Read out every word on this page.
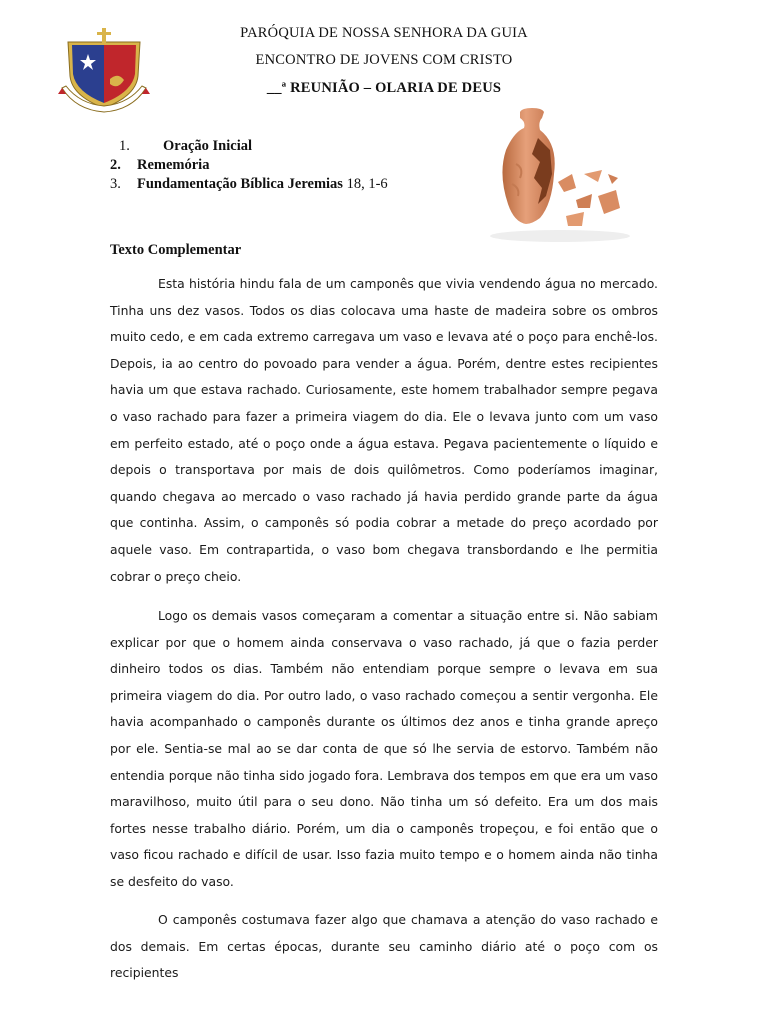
PARÓQUIA DE NOSSA SENHORA DA GUIA
ENCONTRO DE JOVENS COM CRISTO
__ª REUNIÃO – OLARIA DE DEUS
1.	Oração Inicial
2.	Rememória
3.	Fundamentação Bíblica Jeremias 18, 1-6
Texto Complementar

Esta história hindu fala de um camponês que vivia vendendo água no mercado. Tinha uns dez vasos. Todos os dias colocava uma haste de madeira sobre os ombros muito cedo, e em cada extremo carregava um vaso e levava até o poço para enchê-los. Depois, ia ao centro do povoado para vender a água. Porém, dentre estes recipientes havia um que estava rachado. Curiosamente, este homem trabalhador sempre pegava o vaso rachado para fazer a primeira viagem do dia. Ele o levava junto com um vaso em perfeito estado, até o poço onde a água estava. Pegava pacientemente o líquido e depois o transportava por mais de dois quilômetros. Como poderíamos imaginar, quando chegava ao mercado o vaso rachado já havia perdido grande parte da água que continha. Assim, o camponês só podia cobrar a metade do preço acordado por aquele vaso. Em contrapartida, o vaso bom chegava transbordando e lhe permitia cobrar o preço cheio.

Logo os demais vasos começaram a comentar a situação entre si. Não sabiam explicar por que o homem ainda conservava o vaso rachado, já que o fazia perder dinheiro todos os dias. Também não entendiam porque sempre o levava em sua primeira viagem do dia. Por outro lado, o vaso rachado começou a sentir vergonha. Ele havia acompanhado o camponês durante os últimos dez anos e tinha grande apreço por ele. Sentia-se mal ao se dar conta de que só lhe servia de estorvo. Também não entendia porque não tinha sido jogado fora. Lembrava dos tempos em que era um vaso maravilhoso, muito útil para o seu dono. Não tinha um só defeito. Era um dos mais fortes nesse trabalho diário. Porém, um dia o camponês tropeçou, e foi então que o vaso ficou rachado e difícil de usar. Isso fazia muito tempo e o homem ainda não tinha se desfeito do vaso.

O camponês costumava fazer algo que chamava a atenção do vaso rachado e dos demais. Em certas épocas, durante seu caminho diário até o poço com os recipientes
